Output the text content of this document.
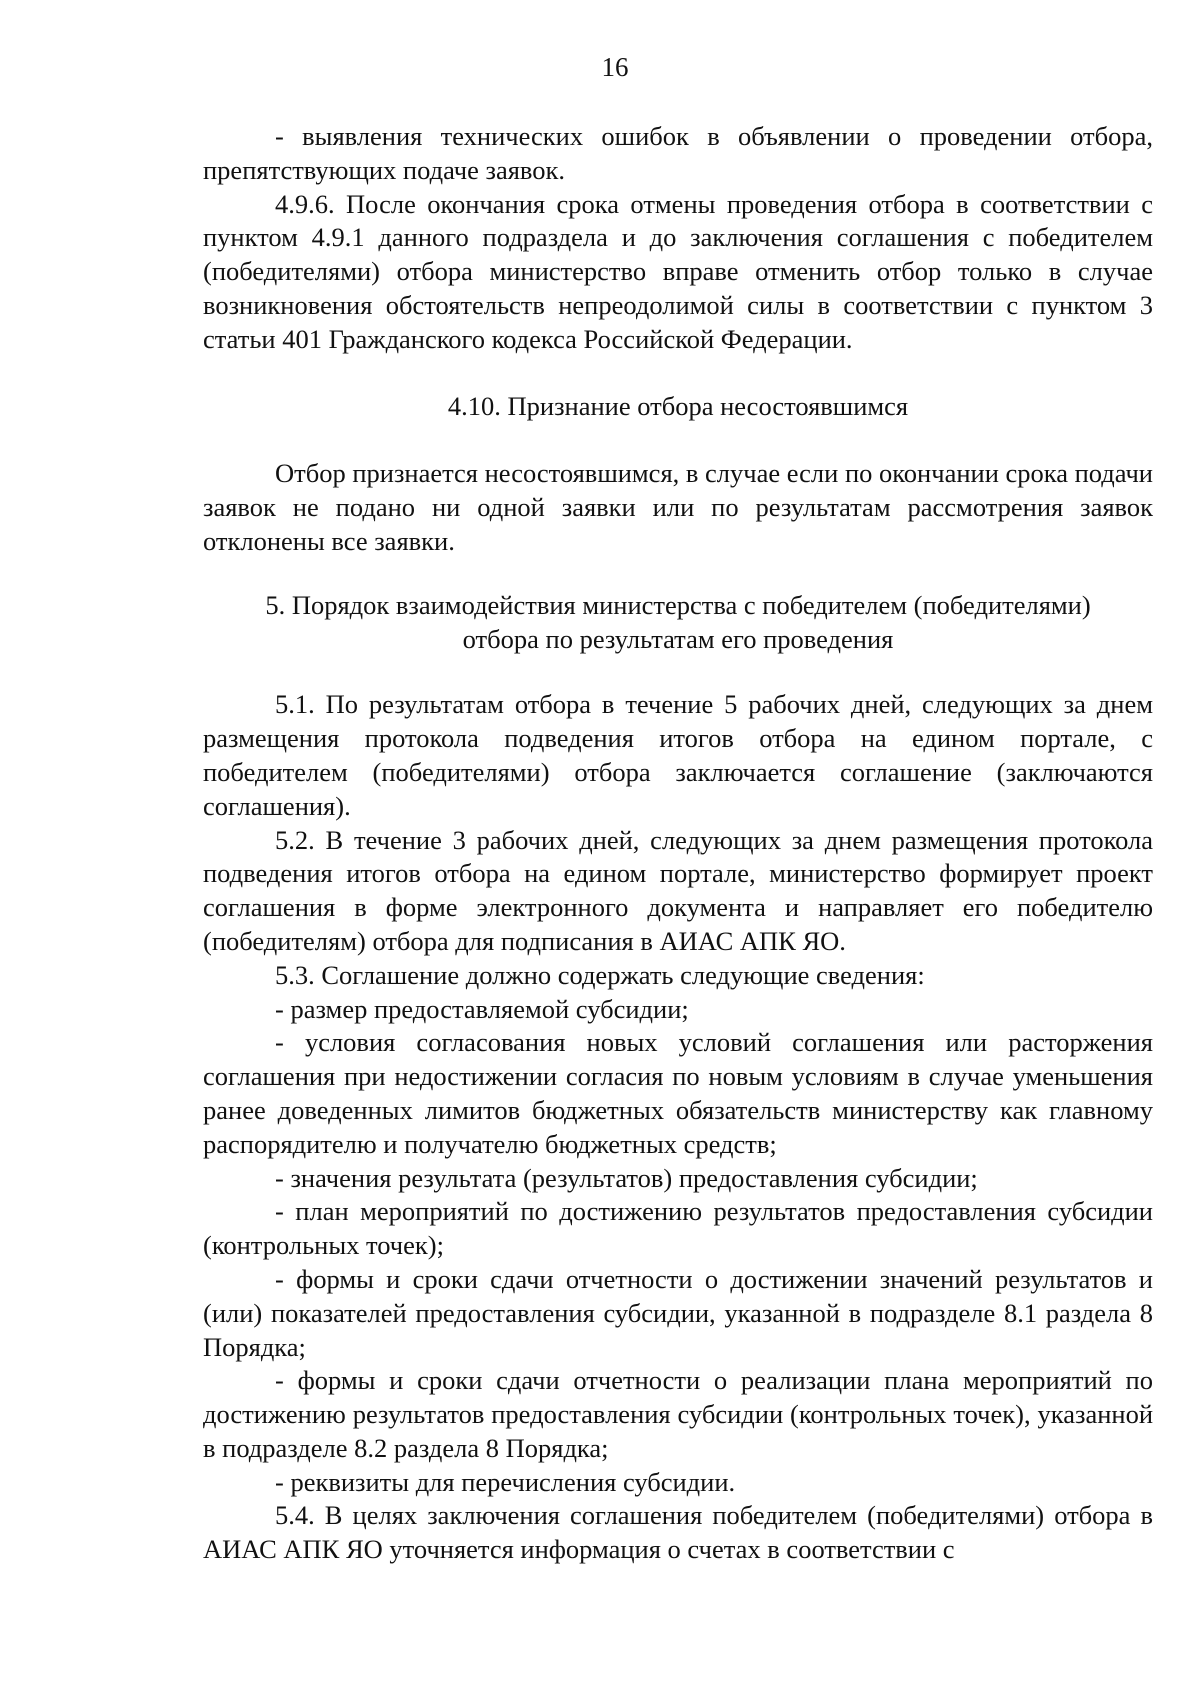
16

- выявления технических ошибок в объявлении о проведении отбора, препятствующих подаче заявок.

4.9.6. После окончания срока отмены проведения отбора в соответствии с пунктом 4.9.1 данного подраздела и до заключения соглашения с победителем (победителями) отбора министерство вправе отменить отбор только в случае возникновения обстоятельств непреодолимой силы в соответствии с пунктом 3 статьи 401 Гражданского кодекса Российской Федерации.

4.10. Признание отбора несостоявшимся

Отбор признается несостоявшимся, в случае если по окончании срока подачи заявок не подано ни одной заявки или по результатам рассмотрения заявок отклонены все заявки.

5. Порядок взаимодействия министерства с победителем (победителями)

отбора по результатам его проведения

5.1. По результатам отбора в течение 5 рабочих дней, следующих за днем размещения протокола подведения итогов отбора на едином портале, с победителем (победителями) отбора заключается соглашение (заключаются соглашения).

5.2. В течение 3 рабочих дней, следующих за днем размещения протокола подведения итогов отбора на едином портале, министерство формирует проект соглашения в форме электронного документа и направляет его победителю (победителям) отбора для подписания в АИАС АПК ЯО.

5.3. Соглашение должно содержать следующие сведения:

- размер предоставляемой субсидии;

- условия согласования новых условий соглашения или расторжения соглашения при недостижении согласия по новым условиям в случае уменьшения ранее доведенных лимитов бюджетных обязательств министерству как главному распорядителю и получателю бюджетных средств;

- значения результата (результатов) предоставления субсидии;

- план мероприятий по достижению результатов предоставления субсидии (контрольных точек);

- формы и сроки сдачи отчетности о достижении значений результатов и (или) показателей предоставления субсидии, указанной в подразделе 8.1 раздела 8 Порядка;

- формы и сроки сдачи отчетности о реализации плана мероприятий по достижению результатов предоставления субсидии (контрольных точек), указанной в подразделе 8.2 раздела 8 Порядка;

- реквизиты для перечисления субсидии.

5.4. В целях заключения соглашения победителем (победителями) отбора в АИАС АПК ЯО уточняется информация о счетах в соответствии с
